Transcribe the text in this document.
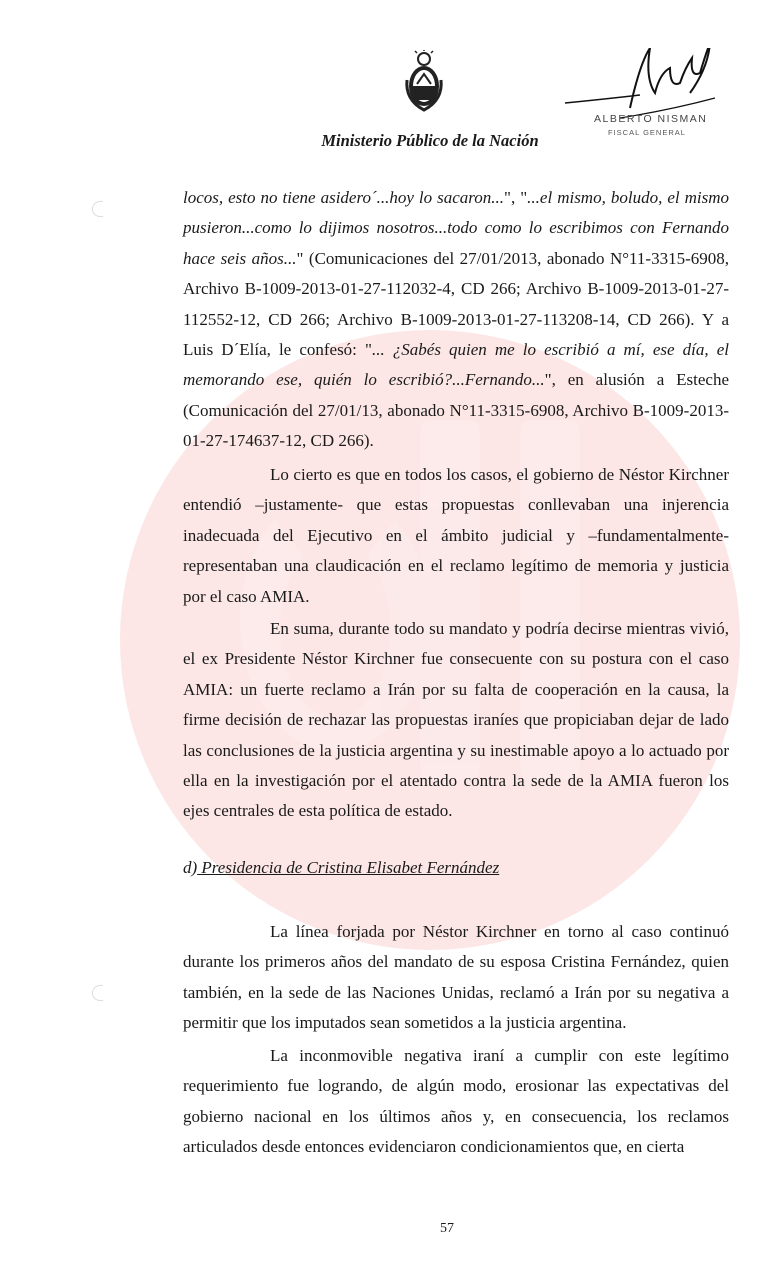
Ministerio Público de la Nación
ALBERTO NISMAN
FISCAL GENERAL
locos, esto no tiene asidero´...hoy lo sacaron...", "...el mismo, boludo, el mismo pusieron...como lo dijimos nosotros...todo como lo escribimos con Fernando hace seis años..." (Comunicaciones del 27/01/2013, abonado N°11-3315-6908, Archivo B-1009-2013-01-27-112032-4, CD 266; Archivo B-1009-2013-01-27-112552-12, CD 266; Archivo B-1009-2013-01-27-113208-14, CD 266). Y a Luis D´Elía, le confesó: "... ¿Sabés quien me lo escribió a mí, ese día, el memorando ese, quién lo escribió?...Fernando...", en alusión a Esteche (Comunicación del 27/01/13, abonado N°11-3315-6908, Archivo B-1009-2013-01-27-174637-12, CD 266).
Lo cierto es que en todos los casos, el gobierno de Néstor Kirchner entendió –justamente- que estas propuestas conllevaban una injerencia inadecuada del Ejecutivo en el ámbito judicial y –fundamentalmente- representaban una claudicación en el reclamo legítimo de memoria y justicia por el caso AMIA.
En suma, durante todo su mandato y podría decirse mientras vivió, el ex Presidente Néstor Kirchner fue consecuente con su postura con el caso AMIA: un fuerte reclamo a Irán por su falta de cooperación en la causa, la firme decisión de rechazar las propuestas iraníes que propiciaban dejar de lado las conclusiones de la justicia argentina y su inestimable apoyo a lo actuado por ella en la investigación por el atentado contra la sede de la AMIA fueron los ejes centrales de esta política de estado.
d) Presidencia de Cristina Elisabet Fernández
La línea forjada por Néstor Kirchner en torno al caso continuó durante los primeros años del mandato de su esposa Cristina Fernández, quien también, en la sede de las Naciones Unidas, reclamó a Irán por su negativa a permitir que los imputados sean sometidos a la justicia argentina.
La inconmovible negativa iraní a cumplir con este legítimo requerimiento fue logrando, de algún modo, erosionar las expectativas del gobierno nacional en los últimos años y, en consecuencia, los reclamos articulados desde entonces evidenciaron condicionamientos que, en cierta
57
